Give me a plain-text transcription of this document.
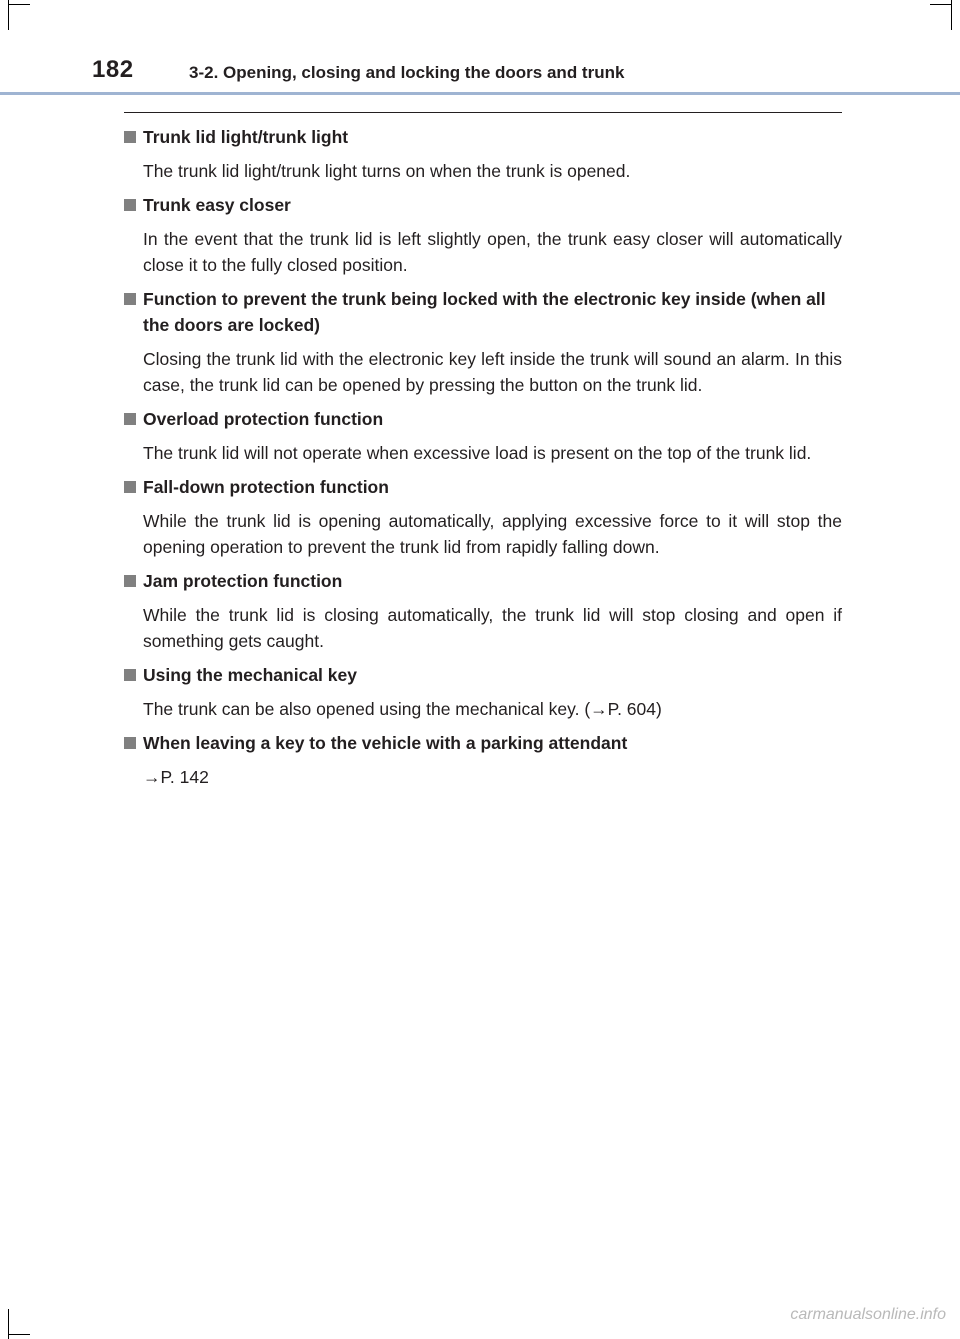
182	3-2. Opening, closing and locking the doors and trunk
Trunk lid light/trunk light
The trunk lid light/trunk light turns on when the trunk is opened.
Trunk easy closer
In the event that the trunk lid is left slightly open, the trunk easy closer will automatically close it to the fully closed position.
Function to prevent the trunk being locked with the electronic key inside (when all the doors are locked)
Closing the trunk lid with the electronic key left inside the trunk will sound an alarm. In this case, the trunk lid can be opened by pressing the button on the trunk lid.
Overload protection function
The trunk lid will not operate when excessive load is present on the top of the trunk lid.
Fall-down protection function
While the trunk lid is opening automatically, applying excessive force to it will stop the opening operation to prevent the trunk lid from rapidly falling down.
Jam protection function
While the trunk lid is closing automatically, the trunk lid will stop closing and open if something gets caught.
Using the mechanical key
The trunk can be also opened using the mechanical key. (→P. 604)
When leaving a key to the vehicle with a parking attendant
→P. 142
carmanualsonline.info
